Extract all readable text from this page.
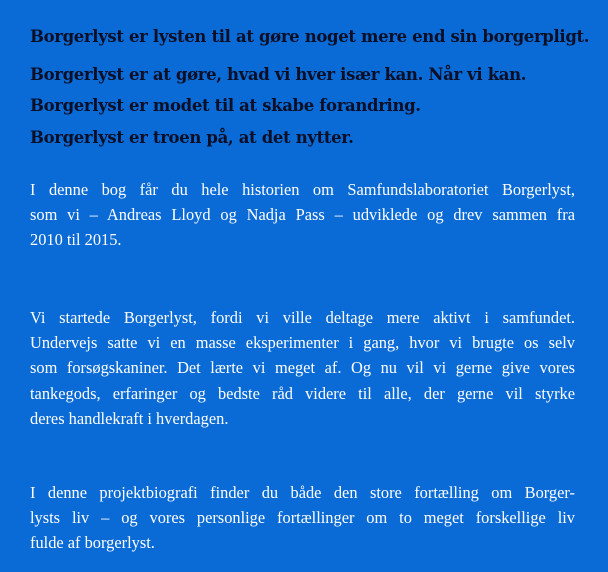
Borgerlyst er lysten til at gøre noget mere end sin borgerpligt.

Borgerlyst er at gøre, hvad vi hver især kan. Når vi kan.

Borgerlyst er modet til at skabe forandring.

Borgerlyst er troen på, at det nytter.

I denne bog får du hele historien om Samfundslaboratoriet Borgerlyst,
som vi – Andreas Lloyd og Nadja Pass – udviklede og drev sammen fra
2010 til 2015.
Vi startede Borgerlyst, fordi vi ville deltage mere aktivt i samfundet.
Undervejs satte vi en masse eksperimenter i gang, hvor vi brugte os selv
som forsøgskaniner. Det lærte vi meget af. Og nu vil vi gerne give vores
tankegods, erfaringer og bedste råd videre til alle, der gerne vil styrke
deres handlekraft i hverdagen.
I denne projektbiografi finder du både den store fortælling om Borger-
lysts liv – og vores personlige fortællinger om to meget forskellige liv
fulde af borgerlyst.
